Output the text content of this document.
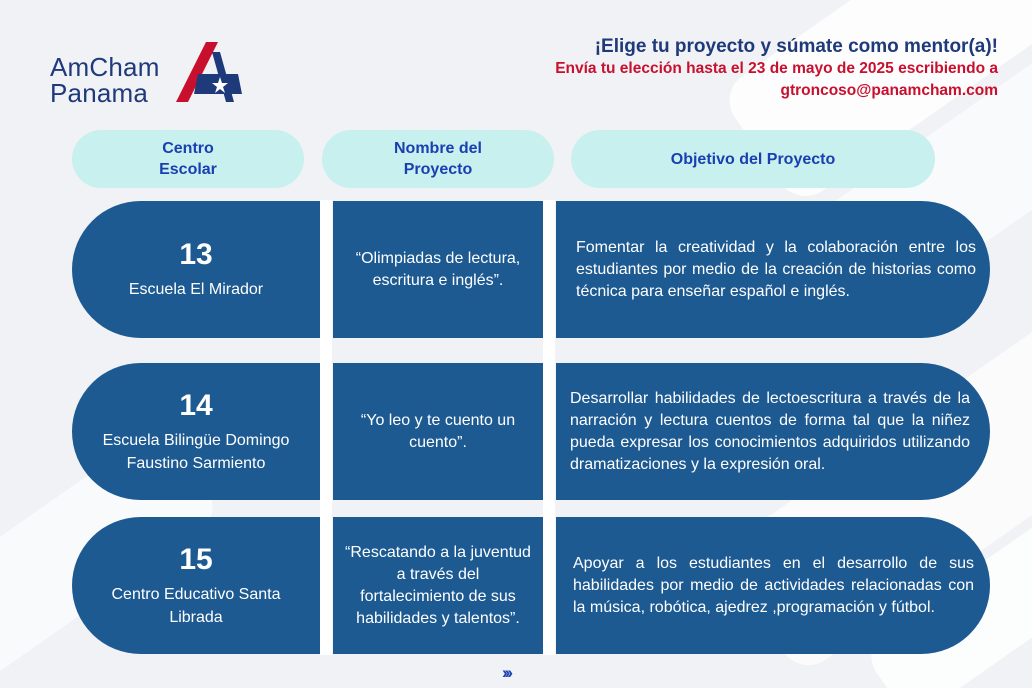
AmCham
Panama
¡Elige tu proyecto y súmate como mentor(a)!
Envía tu elección hasta el 23 de mayo de 2025 escribiendo a
gtroncoso@panamcham.com
Centro
Escolar
Nombre del
Proyecto
Objetivo del Proyecto
13
Escuela El Mirador
“Olimpiadas de lectura, escritura e inglés”.
Fomentar la creatividad y la colaboración entre los estudiantes por medio de la creación de historias como técnica para enseñar español e inglés.
14
Escuela Bilingüe Domingo Faustino Sarmiento
“Yo leo y te cuento un cuento”.
Desarrollar habilidades de lectoescritura a través de la narración y lectura cuentos de forma tal que la niñez pueda expresar los conocimientos adquiridos utilizando dramatizaciones y la expresión oral.
15
Centro Educativo Santa Librada
“Rescatando a la juventud a través del fortalecimiento de sus habilidades y talentos”.
Apoyar a los estudiantes en el desarrollo de sus habilidades por medio de actividades relacionadas con la música, robótica, ajedrez ,programación y fútbol.
›››
